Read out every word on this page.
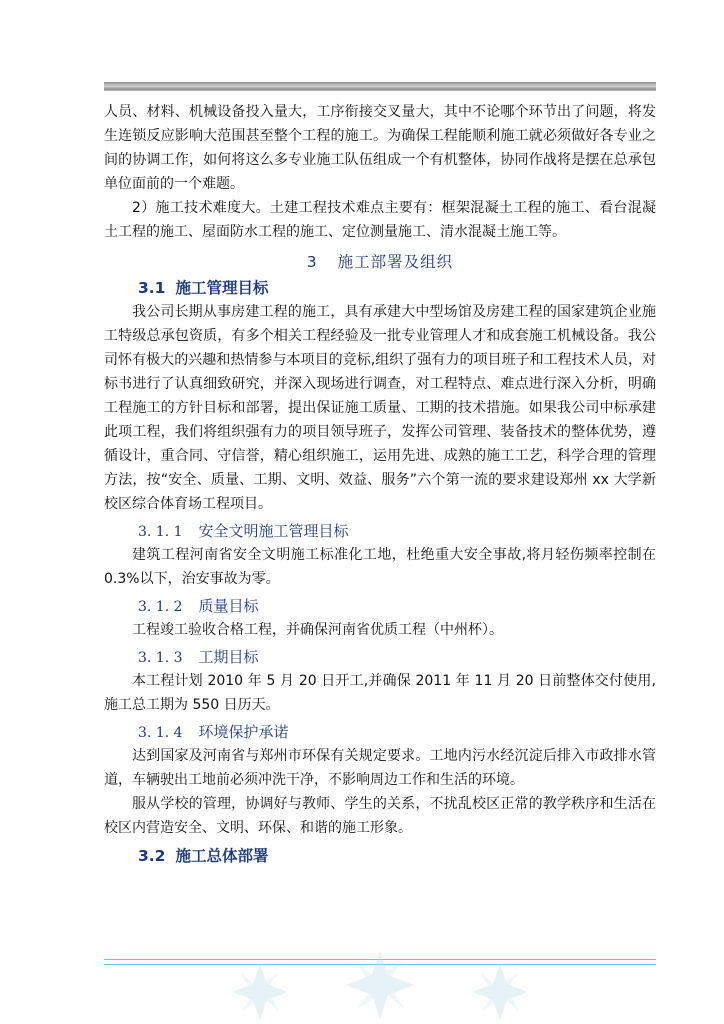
人员、材料、机械设备投入量大，工序衔接交叉量大，其中不论哪个环节出了问题，将发生连锁反应影响大范围甚至整个工程的施工。为确保工程能顺利施工就必须做好各专业之间的协调工作，如何将这么多专业施工队伍组成一个有机整体，协同作战将是摆在总承包单位面前的一个难题。

2）施工技术难度大。土建工程技术难点主要有：框架混凝土工程的施工、看台混凝土工程的施工、屋面防水工程的施工、定位测量施工、清水混凝土施工等。

3 施工部署及组织
3.1 施工管理目标

我公司长期从事房建工程的施工，具有承建大中型场馆及房建工程的国家建筑企业施工特级总承包资质，有多个相关工程经验及一批专业管理人才和成套施工机械设备。我公司怀有极大的兴趣和热情参与本项目的竞标,组织了强有力的项目班子和工程技术人员，对标书进行了认真细致研究，并深入现场进行调查，对工程特点、难点进行深入分析，明确工程施工的方针目标和部署，提出保证施工质量、工期的技术措施。如果我公司中标承建此项工程，我们将组织强有力的项目领导班子，发挥公司管理、装备技术的整体优势，遵循设计，重合同、守信誉，精心组织施工，运用先进、成熟的施工工艺，科学合理的管理方法，按“安全、质量、工期、文明、效益、服务”六个第一流的要求建设郑州 xx 大学新校区综合体育场工程项目。

3. 1. 1 安全文明施工管理目标

建筑工程河南省安全文明施工标准化工地，杜绝重大安全事故,将月轻伤频率控制在 0.3%以下，治安事故为零。

3. 1. 2 质量目标

工程竣工验收合格工程，并确保河南省优质工程（中州杯）。

3. 1. 3 工期目标

本工程计划 2010 年 5 月 20 日开工,并确保 2011 年 11 月 20 日前整体交付使用,施工总工期为 550 日历天。

3. 1. 4 环境保护承诺

达到国家及河南省与郑州市环保有关规定要求。工地内污水经沉淀后排入市政排水管道，车辆驶出工地前必须冲洗干净，不影响周边工作和生活的环境。

服从学校的管理，协调好与教师、学生的关系，不扰乱校区正常的教学秩序和生活在校区内营造安全、文明、环保、和谐的施工形象。

3.2 施工总体部署
